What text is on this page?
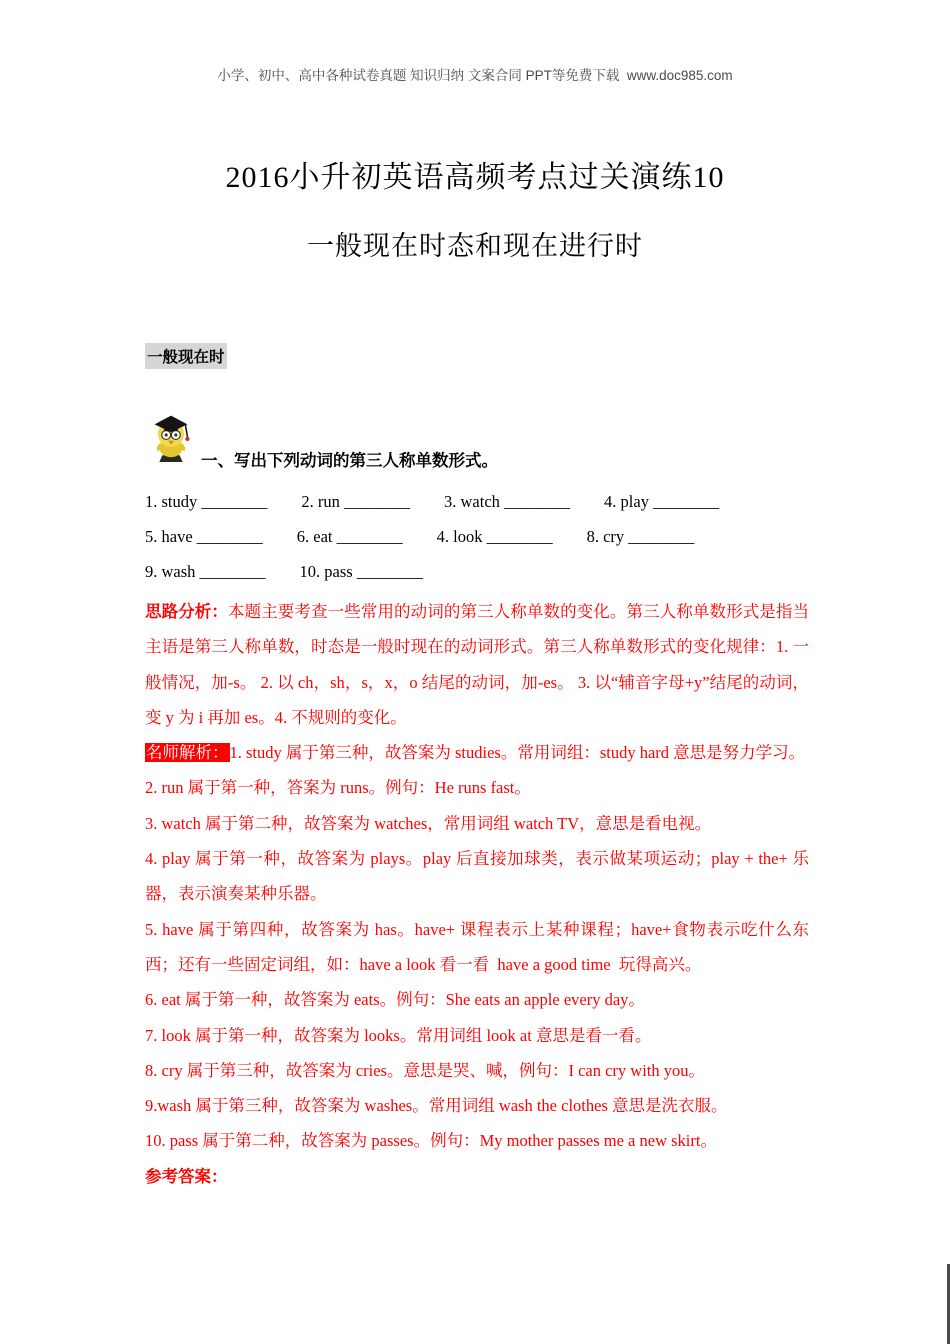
小学、初中、高中各种试卷真题 知识归纳 文案合同 PPT等免费下载  www.doc985.com
2016小升初英语高频考点过关演练10
一般现在时态和现在进行时
一般现在时
一、写出下列动词的第三人称单数形式。
1. study ________ 2. run ________ 3. watch ________ 4. play ________
5. have ________ 6. eat ________ 4. look ________ 8. cry ________
9. wash ________ 10. pass ________

思路分析：本题主要考查一些常用的动词的第三人称单数的变化。第三人称单数形式是指当主语是第三人称单数，时态是一般时现在的动词形式。第三人称单数形式的变化规律：1. 一般情况，加-s。 2. 以 ch，sh，s，x，o 结尾的动词，加-es。 3. 以“辅音字母+y”结尾的动词，变 y 为 i 再加 es。4. 不规则的变化。

名师解析：1. study 属于第三种，故答案为 studies。常用词组：study hard 意思是努力学习。

2. run 属于第一种，答案为 runs。例句：He runs fast。

3. watch 属于第二种，故答案为 watches，常用词组 watch TV，意思是看电视。

4. play 属于第一种，故答案为 plays。play 后直接加球类，表示做某项运动；play + the+ 乐器，表示演奏某种乐器。

5. have 属于第四种，故答案为 has。have+ 课程表示上某种课程；have+食物表示吃什么东西；还有一些固定词组，如：have a look 看一看  have a good time  玩得高兴。

6. eat 属于第一种，故答案为 eats。例句：She eats an apple every day。

7. look 属于第一种，故答案为 looks。常用词组 look at 意思是看一看。

8. cry 属于第三种，故答案为 cries。意思是哭、喊，例句：I can cry with you。

9.wash 属于第三种，故答案为 washes。常用词组 wash the clothes 意思是洗衣服。

10. pass 属于第二种，故答案为 passes。例句：My mother passes me a new skirt。

参考答案：
